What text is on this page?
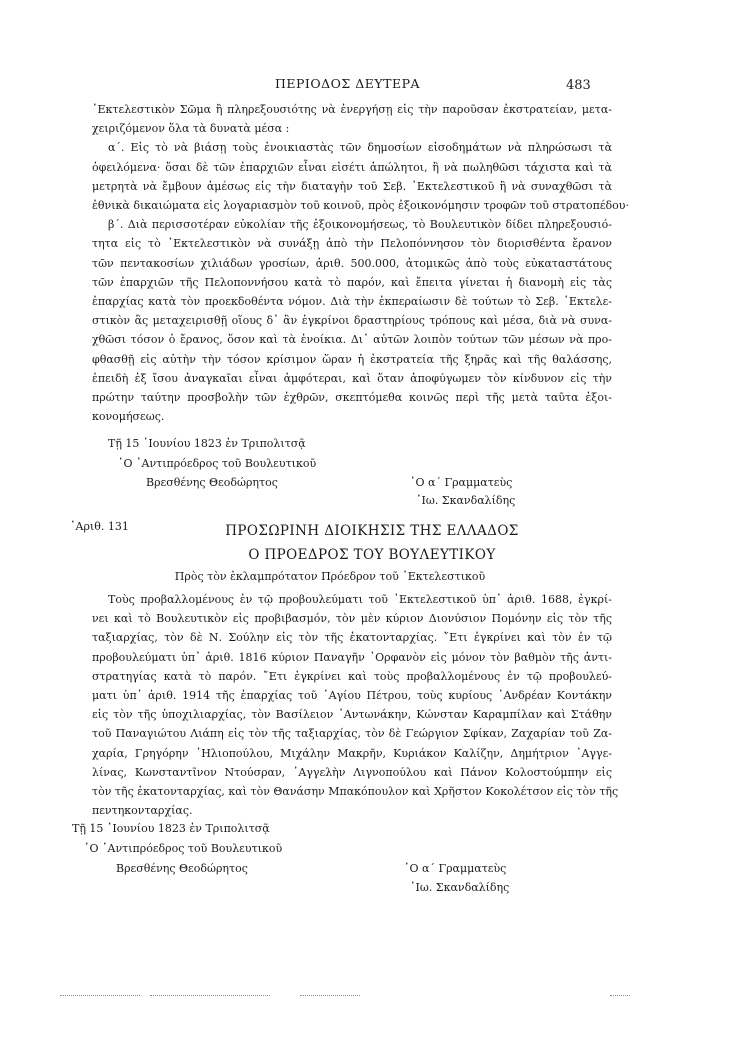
ΠΕΡΙΟΔΟΣ ΔΕΥΤΕΡΑ	483
᾿Εκτελεστικὸν Σῶμα ἢ πληρεξουσιότης νὰ ἐνεργήσῃ εἰς τὴν παροῦσαν ἐκστρατείαν, μετα-
χειριζόμενον ὅλα τὰ δυνατὰ μέσα :
α΄. Εἰς τὸ νὰ βιάσῃ τοὺς ἐνοικιαστὰς τῶν δημοσίων εἰσοδημάτων νὰ πληρώσωσι τὰ
ὀφειλόμενα· ὅσαι δὲ τῶν ἐπαρχιῶν εἶναι εἰσέτι ἀπώλητοι, ἢ νὰ πωληθῶσι τάχιστα καὶ τὰ
μετρητὰ νὰ ἔμβουν ἀμέσως εἰς τὴν διαταγὴν τοῦ Σεβ. ᾿Εκτελεστικοῦ ἢ νὰ συναχθῶσι τὰ
ἐθνικὰ δικαιώματα εἰς λογαριασμὸν τοῦ κοινοῦ, πρὸς ἐξοικονόμησιν τροφῶν τοῦ στρατοπέδου·
β΄. Διὰ περισσοτέραν εὐκολίαν τῆς ἐξοικονομήσεως, τὸ Βουλευτικὸν δίδει πληρεξουσιό-
τητα εἰς τὸ ᾿Εκτελεστικὸν νὰ συνάξῃ ἀπὸ τὴν Πελοπόννησον τὸν διορισθέντα ἔρανον
τῶν πεντακοσίων χιλιάδων γροσίων, ἀριθ. 500.000, ἀτομικῶς ἀπὸ τοὺς εὐκαταστάτους
τῶν ἐπαρχιῶν τῆς Πελοποννήσου κατὰ τὸ παρόν, καὶ ἔπειτα γίνεται ἡ διανομὴ εἰς τὰς
ἐπαρχίας κατὰ τὸν προεκδοθέντα νόμον. Διὰ τὴν ἐκπεραίωσιν δὲ τούτων τὸ Σεβ. ᾿Εκτελε-
στικὸν ἂς μεταχειρισθῇ οἵους δ᾿ ἂν ἐγκρίνοι δραστηρίους τρόπους καὶ μέσα, διὰ νὰ συνα-
χθῶσι τόσον ὁ ἔρανος, ὅσον καὶ τὰ ἐνοίκια. Δι᾿ αὐτῶν λοιπὸν τούτων τῶν μέσων νὰ προ-
φθασθῇ εἰς αὐτὴν τὴν τόσον κρίσιμον ὥραν ἡ ἐκστρατεία τῆς ξηρᾶς καὶ τῆς θαλάσσης,
ἐπειδὴ ἐξ ἴσου ἀναγκαῖαι εἶναι ἀμφότεραι, καὶ ὅταν ἀποφύγωμεν τὸν κίνδυνον εἰς τὴν
πρώτην ταύτην προσβολὴν τῶν ἐχθρῶν, σκεπτόμεθα κοινῶς περὶ τῆς μετὰ ταῦτα ἐξοι-
κονομήσεως.
Τῇ 15 ᾿Ιουνίου 1823 ἐν Τριπολιτσᾷ
῾Ο ᾿Αντιπρόεδρος τοῦ Βουλευτικοῦ
Βρεσθένης Θεοδώρητος	῾Ο α΄ Γραμματεὺς
᾿Ιω. Σκανδαλίδης
᾿Αριθ. 131	ΠΡΟΣΩΡΙΝΗ ΔΙΟΙΚΗΣΙΣ ΤΗΣ ΕΛΛΑΔΟΣ
Ο ΠΡΟΕΔΡΟΣ ΤΟΥ ΒΟΥΛΕΥΤΙΚΟΥ
Πρὸς τὸν ἐκλαμπρότατον Πρόεδρον τοῦ ᾿Εκτελεστικοῦ
Τοὺς προβαλλομένους ἐν τῷ προβουλεύματι τοῦ ᾿Εκτελεστικοῦ ὑπ᾿ ἀριθ. 1688, ἐγκρί-
νει καὶ τὸ Βουλευτικὸν εἰς προβιβασμόν, τὸν μὲν κύριον Διονύσιον Πομόνην εἰς τὸν τῆς
ταξιαρχίας, τὸν δὲ Ν. Σούλην εἰς τὸν τῆς ἑκατονταρχίας. ῎Ετι ἐγκρίνει καὶ τὸν ἐν τῷ
προβουλεύματι ὑπ᾿ ἀριθ. 1816 κύριον Παναγῆν ᾿Ορφανὸν εἰς μόνον τὸν βαθμὸν τῆς ἀντι-
στρατηγίας κατὰ τὸ παρόν. ῎Ετι ἐγκρίνει καὶ τοὺς προβαλλομένους ἐν τῷ προβουλεύ-
ματι ὑπ᾿ ἀριθ. 1914 τῆς ἐπαρχίας τοῦ ῾Αγίου Πέτρου, τοὺς κυρίους ᾿Ανδρέαν Κοντάκην
εἰς τὸν τῆς ὑποχιλιαρχίας, τὸν Βασίλειον ᾿Αντωνάκην, Κώνσταν Καραμπίλαν καὶ Στάθην
τοῦ Παναγιώτου Λιάπη εἰς τὸν τῆς ταξιαρχίας, τὸν δὲ Γεώργιον Σφίκαν, Ζαχαρίαν τοῦ Ζα-
χαρία, Γρηγόρην ῾Ηλιοπούλου, Μιχάλην Μακρῆν, Κυριάκον Καλίζην, Δημήτριον ᾿Αγγε-
λίνας, Κωνσταντῖνον Ντούσραν, ᾿Αγγελὴν Λιγνοπούλου καὶ Πάνον Κολοστούμπην εἰς
τὸν τῆς ἑκατονταρχίας, καὶ τὸν Θανάσην Μπακόπουλον καὶ Χρῆστον Κοκολέτσον εἰς τὸν τῆς
πεντηκονταρχίας.
Τῇ 15 ᾿Ιουνίου 1823 ἐν Τριπολιτσᾷ
῾Ο ᾿Αντιπρόεδρος τοῦ Βουλευτικοῦ
Βρεσθένης Θεοδώρητος	῾Ο α΄ Γραμματεὺς
᾿Ιω. Σκανδαλίδης
